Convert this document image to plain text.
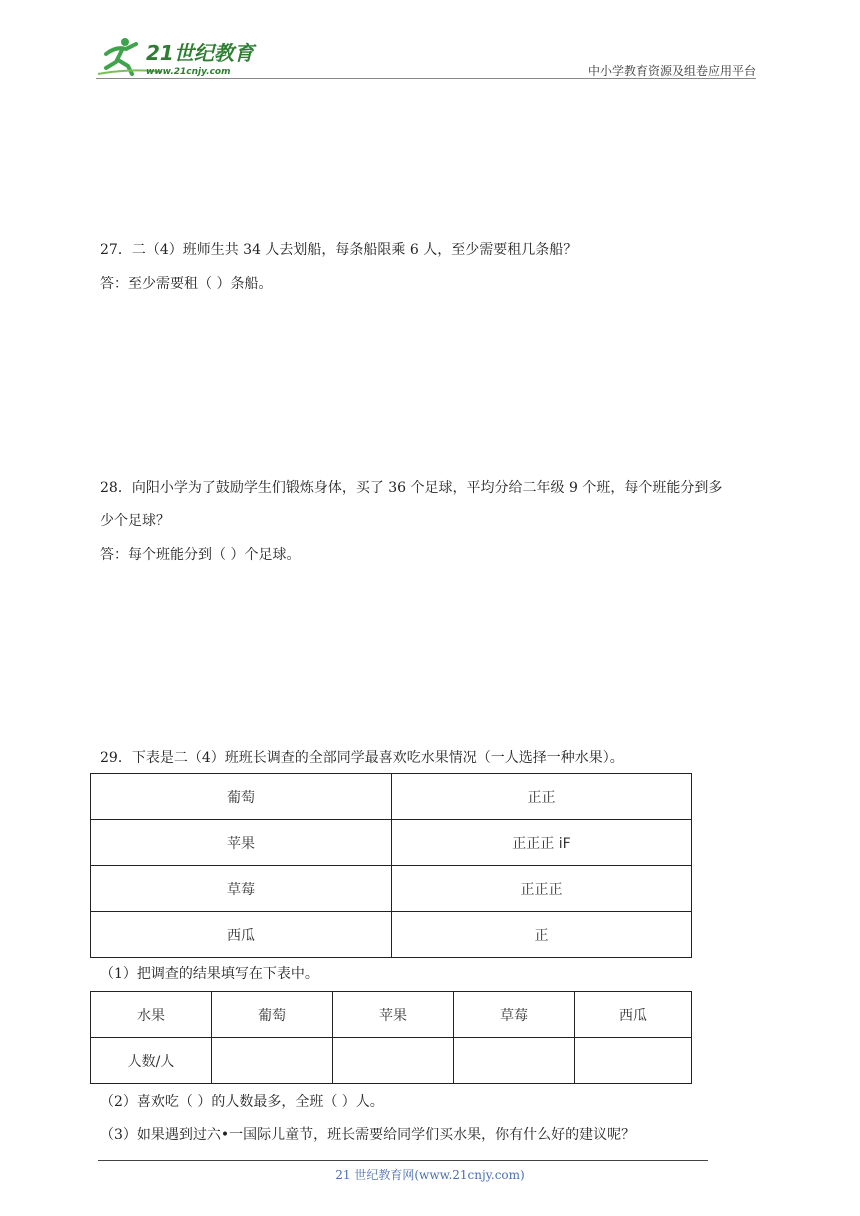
21世纪教育
www.21cnjy.com	中小学教育资源及组卷应用平台
27．二（4）班师生共 34 人去划船，每条船限乘 6 人，至少需要租几条船？
答：至少需要租（ ）条船。
28．向阳小学为了鼓励学生们锻炼身体，买了 36 个足球，平均分给二年级 9 个班，每个班能分到多
少个足球？
答：每个班能分到（ ）个足球。
29．下表是二（4）班班长调查的全部同学最喜欢吃水果情况（一人选择一种水果）。
葡萄	正正
苹果	正正正 𝗂𝖥
草莓	正正正
西瓜	正
（1）把调查的结果填写在下表中。
水果	葡萄	苹果	草莓	西瓜
人数/人				
（2）喜欢吃（ ）的人数最多，全班（ ）人。
（3）如果遇到过六•一国际儿童节，班长需要给同学们买水果，你有什么好的建议呢？
21 世纪教育网(www.21cnjy.com)
